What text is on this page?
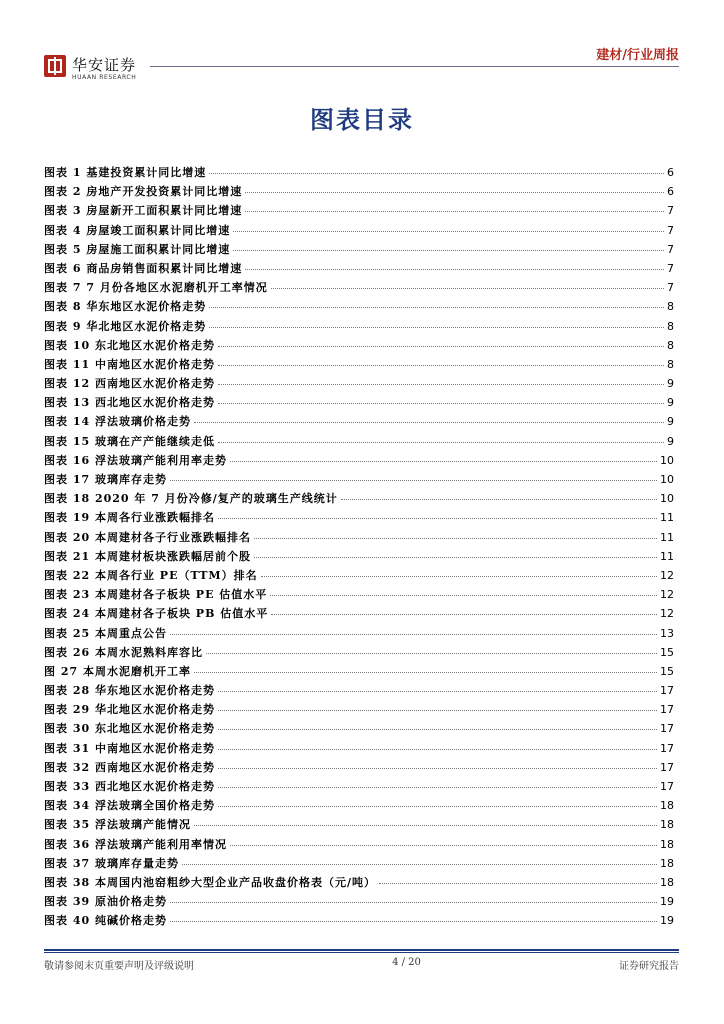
华安证券
HUAAN RESEARCH
建材/行业周报
图表目录
图表 1 基建投资累计同比增速	6
图表 2 房地产开发投资累计同比增速	6
图表 3 房屋新开工面积累计同比增速	7
图表 4 房屋竣工面积累计同比增速	7
图表 5 房屋施工面积累计同比增速	7
图表 6 商品房销售面积累计同比增速	7
图表 7 7 月份各地区水泥磨机开工率情况	7
图表 8 华东地区水泥价格走势	8
图表 9 华北地区水泥价格走势	8
图表 10 东北地区水泥价格走势	8
图表 11 中南地区水泥价格走势	8
图表 12 西南地区水泥价格走势	9
图表 13 西北地区水泥价格走势	9
图表 14 浮法玻璃价格走势	9
图表 15 玻璃在产产能继续走低	9
图表 16 浮法玻璃产能利用率走势	10
图表 17 玻璃库存走势	10
图表 18 2020 年 7 月份冷修/复产的玻璃生产线统计	10
图表 19 本周各行业涨跌幅排名	11
图表 20 本周建材各子行业涨跌幅排名	11
图表 21 本周建材板块涨跌幅居前个股	11
图表 22 本周各行业 PE（TTM）排名	12
图表 23 本周建材各子板块 PE 估值水平	12
图表 24 本周建材各子板块 PB 估值水平	12
图表 25 本周重点公告	13
图表 26 本周水泥熟料库容比	15
图 27 本周水泥磨机开工率	15
图表 28 华东地区水泥价格走势	17
图表 29 华北地区水泥价格走势	17
图表 30 东北地区水泥价格走势	17
图表 31 中南地区水泥价格走势	17
图表 32 西南地区水泥价格走势	17
图表 33 西北地区水泥价格走势	17
图表 34 浮法玻璃全国价格走势	18
图表 35 浮法玻璃产能情况	18
图表 36 浮法玻璃产能利用率情况	18
图表 37 玻璃库存量走势	18
图表 38 本周国内池窑粗纱大型企业产品收盘价格表（元/吨）	18
图表 39 原油价格走势	19
图表 40 纯碱价格走势	19
敬请参阅末页重要声明及评级说明	4 / 20	证券研究报告
